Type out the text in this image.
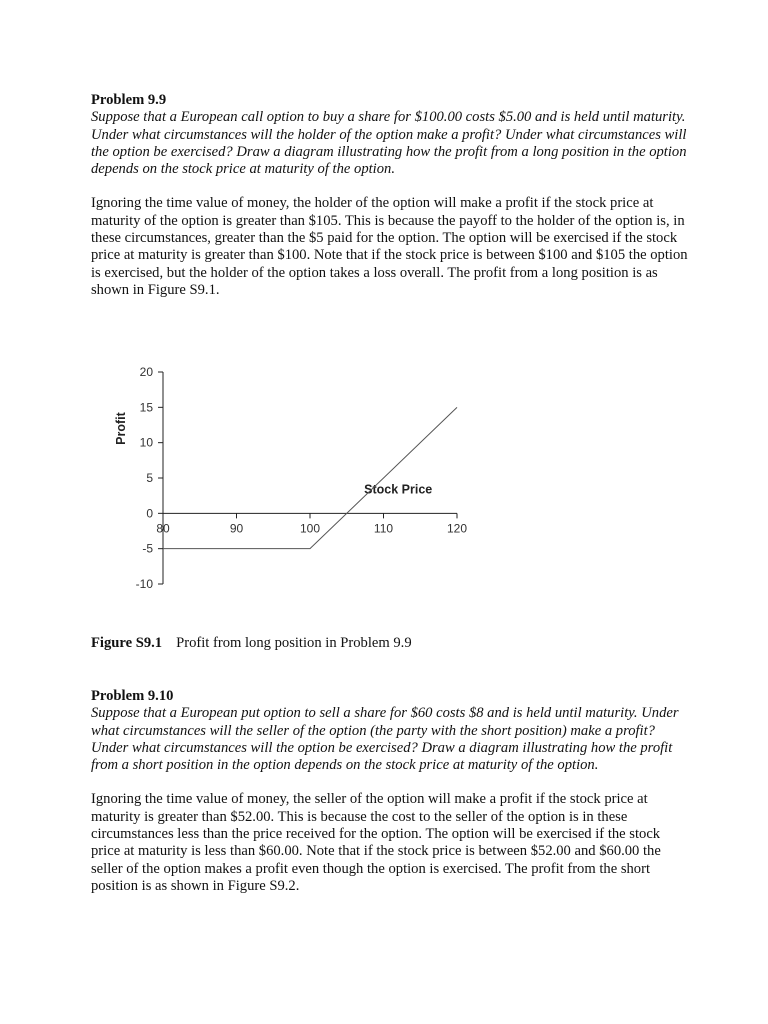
Problem 9.9

Suppose that a European call option to buy a share for $100.00 costs $5.00 and is held until maturity. Under what circumstances will the holder of the option make a profit? Under what circumstances will the option be exercised? Draw a diagram illustrating how the profit from a long position in the option depends on the stock price at maturity of the option.

Ignoring the time value of money, the holder of the option will make a profit if the stock price at maturity of the option is greater than $105. This is because the payoff to the holder of the option is, in these circumstances, greater than the $5 paid for the option. The option will be exercised if the stock price at maturity is greater than $100. Note that if the stock price is between $100 and $105 the option is exercised, but the holder of the option takes a loss overall. The profit from a long position is as shown in Figure S9.1.

20
15
10
5
0
-5
-10
80	90	100	110	120
Profit
Stock Price

Figure S9.1 Profit from long position in Problem 9.9

Problem 9.10

Suppose that a European put option to sell a share for $60 costs $8 and is held until maturity. Under what circumstances will the seller of the option (the party with the short position) make a profit? Under what circumstances will the option be exercised? Draw a diagram illustrating how the profit from a short position in the option depends on the stock price at maturity of the option.

Ignoring the time value of money, the seller of the option will make a profit if the stock price at maturity is greater than $52.00. This is because the cost to the seller of the option is in these circumstances less than the price received for the option. The option will be exercised if the stock price at maturity is less than $60.00. Note that if the stock price is between $52.00 and $60.00 the seller of the option makes a profit even though the option is exercised. The profit from the short position is as shown in Figure S9.2.
